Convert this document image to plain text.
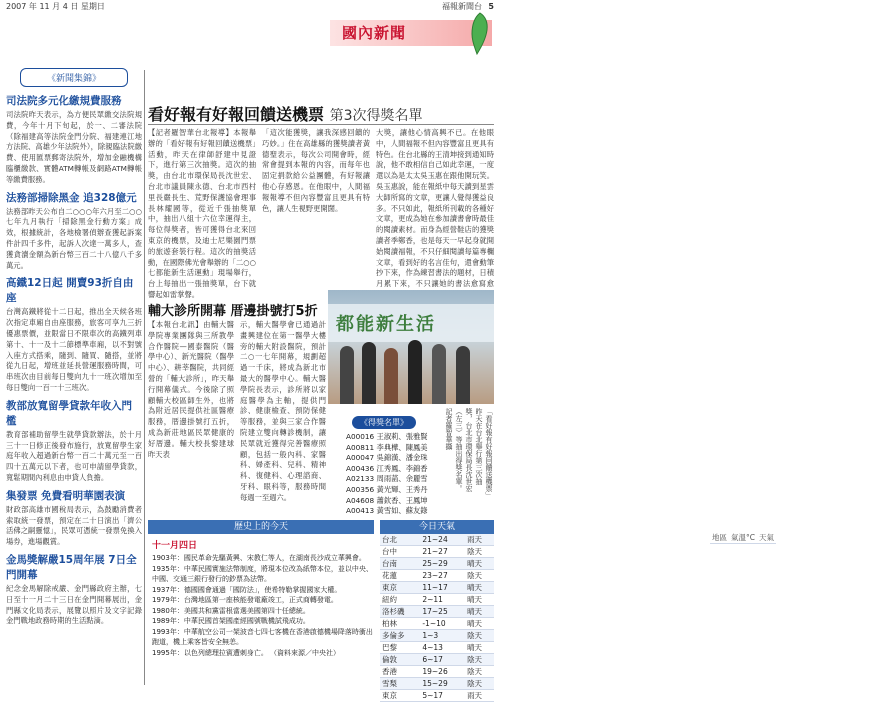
2007 年 11 月 4 日 星期日	福報新聞台 5
國內新聞
《新聞集錦》
司法院多元化繳規費服務
司法院昨天表示，為方便民眾繳交法院規費，今年十月下旬起，於一、二審法院（除福建高等法院金門分院、福建連江地方法院、高雄少年法院外），除親臨法院繳費、使用匯票郵寄法院外，增加金融機構臨櫃繳款、實體ATM轉帳及網路ATM轉帳等繳費服務。
法務部掃除黑金 追328億元
法務部昨天公布自二○○○年六月至二○○七年九月執行「掃除黑金行動方案」成效，根據統計，各地檢署偵辦查獲起訴案件計四千多件，起訴人次達一萬多人，查獲貪瀆金額為新台幣三百二十八億八千多萬元。
高鐵12日起 開賣93折自由座
台灣高鐵將從十二日起，推出全天候各班次指定車廂自由座服務，旅客可享九三折優惠票價，並限當日不限車次的高鐵列車第十、十一及十二節標準車廂，以不對號入座方式搭乘，隨到、隨買、隨搭，並將從九日起，增班並延長營運服務時間，可串班次由目前每日雙向九十一班次增加至每日雙向一百一十三班次。
教部放寬留學貸款年收入門檻
教育部補助留學生就學貸款辦法，於十月三十一日修正後發布施行，放寬留學生家庭年收入超過新台幣一百二十萬元至一百四十五萬元以下者，也可申請留學貸款，寬鬆期間內利息由申貸人負擔。
集發票 免費看明華園表演
財政部高雄市國稅局表示，為鼓勵消費者索取統一發票，預定在二十日演出「濟公活佛之嗣靈憶」，民眾可憑統一發票免換入場券，進場觀賞。
金馬獎解嚴15周年展 7日全門開幕
紀念金馬解除戒嚴、金門縣政府主辦，七日至十一月二十三日在金門開幕展出，金門縣文化局表示，展覽以照片及文字記錄金門戰地政務時期的生活點滴。
看好報有好報回饋送機票 第3次得獎名單
【記者羅智華台北報導】本報舉辦的「看好報有好報回饋送機票」活動，昨天在律師舒建中見證下，進行第三次抽獎。這次的抽獎，由台北市環保局長沈世宏、台北市議員陳永德、台北市西村里長嚴長生、荒野保護協會理事長林耀國等，從近千張抽獎單中，抽出八組十六位幸運得主，每位得獎者，皆可獲得台北來回東京的機票，及迪士尼樂園門票的旅遊套裝行程。這次的抽獎活動，在國際佛光會舉辦的「二○○七都能新生活運動」現場舉行，台上每抽出一張抽獎單，台下就響起如雷掌聲。
「這次能獲獎，讓我深感回饋的巧妙。」住在高雄縣的獲獎讀者黃德聖表示，每次公司開會時，經常會提到本報的內容，而每年也固定捐款給公益團體，有好報讓他心存感恩。在他眼中，人間福報報導不但內容豐富且更具有特色，讓人生視野更開闊。
大獎，讓他心情高興不已。在他眼中，人間福報不但內容豐富且更具有特色。住台北縣的王清坤接到通知時說，他不敢相信自己如此幸運，一度還以為是太太吳玉惠在跟他開玩笑。吳玉惠說，能在報紙中每天讀到星雲大師所寫的文章，更讓人覺得獲益良多。不只如此，報紙所刊載的各種好文章，更成為她在參加讀書會時最佳的閱讀素材。而身為經營鞋店的獲獎讀者季鄭香，也是每天一早起身就開始閱讀福報，不只仔細閱讀每篇專欄文章，看到好的名言佳句，還會動筆抄下來，作為練習書法的題材，日積月累下來，不只讓她的書法愈寫愈
輔大診所開幕 厝邊掛號打5折
【本報台北訊】由輔大醫學院專業團隊與三所教學合作醫院—國泰醫院（醫學中心）、新光醫院（醫學中心）、耕莘醫院，共同經營的「輔大診所」，昨天舉行開幕儀式。今後除了照顧輔大校區師生外，也將為附近居民提供社區醫療服務，厝邊掛號打五折，成為新莊地區民眾健康的好厝邊。輔大校長黎建球昨天表
示，輔大醫學會已通過計畫興建位在第一醫學大樓旁的輔大附設醫院，預計二○一七年開幕，規劃超過一千床，將成為新北市最大的醫學中心。輔大醫學院長表示，診所將以家庭醫學為主軸，提供門診、健康檢查、預防保健等服務，並與三家合作醫院建立雙向轉診機制，讓民眾就近獲得完善醫療照顧，包括一般內科、家醫科、婦產科、兒科、精神科、復健科、心理諮商、牙科、眼科等，服務時間每週一至週六。
都能新生活
《得獎名單》
A00016 王淑莉、張雅賢
A00811 李典樺、陳鳳美
A00047 吳錦漢、潘金珠
A00436 江秀鳳、李錦香
A02133 周雨菡、余麗雪
A00356 黃光輝、王秀丹
A04608 蕭欽香、王鳳坤
A00413 黃雪如、蘇友錄
「看好報有好報回饋送機票」昨天在台北舉行第三次抽獎，台北市環保局長沈世宏（左三）等抽出得獎名單。記者羅智華攝
歷史上的今天
十一月四日
1903年：國民革命先驅黃興、宋教仁等人，在湖南長沙成立華興會。
1935年：中華民國實施法幣制度，將現本位改為紙幣本位，並以中央、中國、交通三銀行發行的鈔票為法幣。
1937年：德國國會通過「國防法」，使希特勒掌握國家大權。
1979年：台灣地區第一座核能發電廠竣工，正式商轉發電。
1980年：美國共和黨雷根當選美國第四十任總統。
1989年：中華民國首架國產經國號戰機試飛成功。
1993年：中華航空公司一架波音七四七客機在香港啟德機場降落時衝出跑道，機上乘客皆安全無恙。
1995年：以色列總理拉賓遭刺身亡。 （資料來源／中央社）
今日天氣
地區	氣溫°C	天氣
台北	21~24	雨天
台中	21~27	陰天
台南	25~29	晴天
花蓮	23~27	陰天
東京	11~17	晴天
紐約	2~11	晴天
洛杉磯	17~25	晴天
柏林	-1~10	晴天
多倫多	1~3	陰天
巴黎	4~13	晴天
倫敦	6~17	陰天
香港	19~26	陰天
雪梨	15~29	陰天
東京	5~17	雨天
